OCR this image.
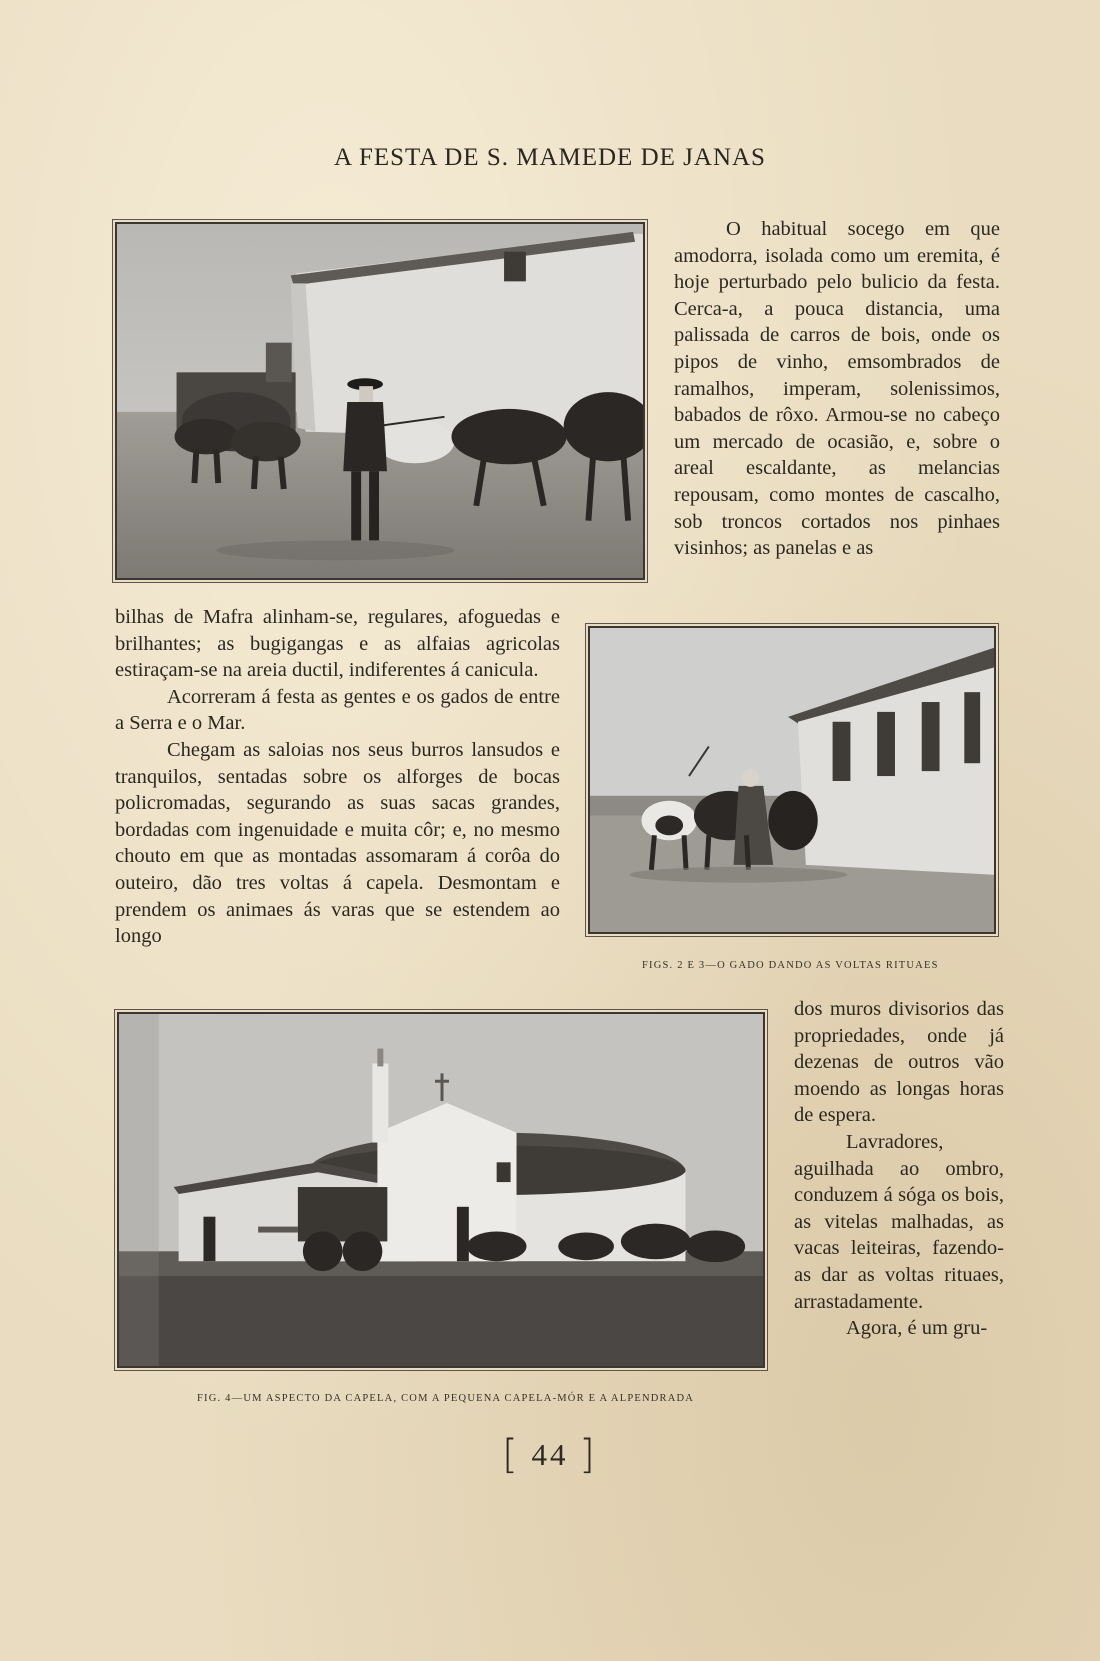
A FESTA DE S. MAMEDE DE JANAS

O habitual socego em que amodorra, isolada como um eremita, é hoje perturbado pelo bulicio da festa. Cerca-a, a pouca distancia, uma palissada de carros de bois, onde os pipos de vinho, emsombrados de ramalhos, imperam, solenissimos, babados de rôxo. Armou-se no cabeço um mercado de ocasião, e, sobre o areal escaldante, as melancias repousam, como montes de cascalho, sob troncos cortados nos pinhaes visinhos; as panelas e as

bilhas de Mafra alinham-se, regulares, afoguedas e brilhantes; as bugigangas e as alfaias agricolas estiraçam-se na areia ductil, indiferentes á canicula.

Acorreram á festa as gentes e os gados de entre a Serra e o Mar.

Chegam as saloias nos seus burros lansudos e tranquilos, sentadas sobre os alforges de bocas policromadas, segurando as suas sacas grandes, bordadas com ingenuidade e muita côr; e, no mesmo chouto em que as montadas assomaram á corôa do outeiro, dão tres voltas á capela. Desmontam e prendem os animaes ás varas que se estendem ao longo

FIGS. 2 E 3—O GADO DANDO AS VOLTAS RITUAES
FIG. 4—UM ASPECTO DA CAPELA, COM A PEQUENA CAPELA-MÓR E A ALPENDRADA

dos muros divisorios das propriedades, onde já dezenas de outros vão moendo as longas horas de espera.

Lavradores, aguilhada ao ombro, conduzem á sóga os bois, as vitelas malhadas, as vacas leiteiras, fazendo-as dar as voltas rituaes, arrastadamente.

Agora, é um gru-

[ 44 ]
